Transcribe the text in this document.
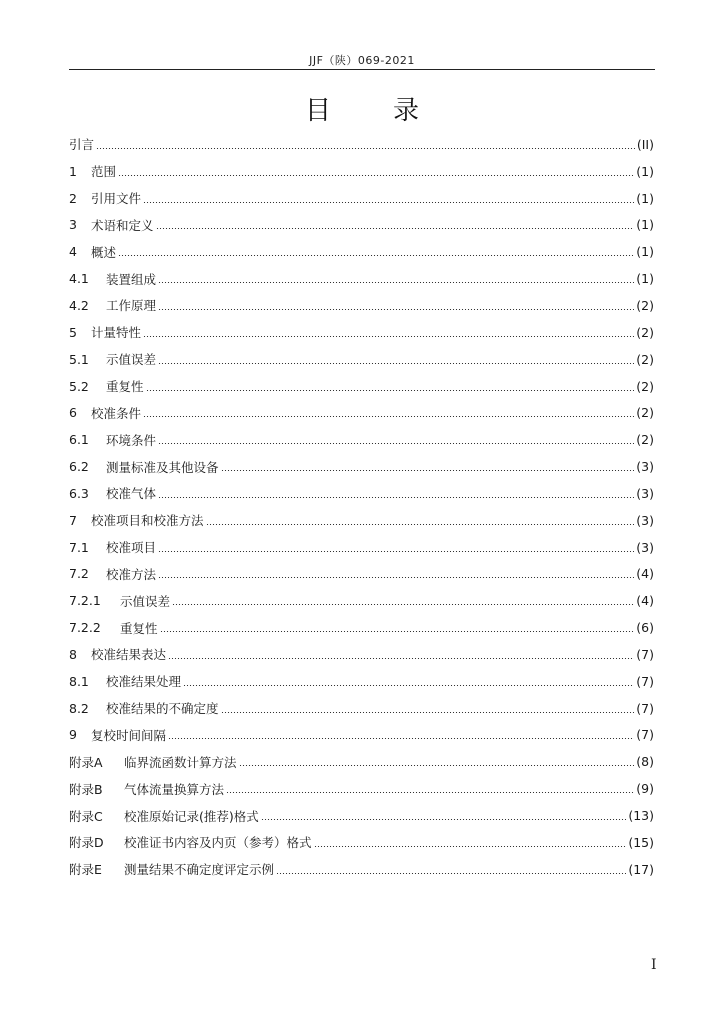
JJF（陕）069-2021
目 录
引言	(II)
1	范围	(1)
2	引用文件	(1)
3	术语和定义	(1)
4	概述	(1)
4.1	装置组成	(1)
4.2	工作原理	(2)
5	计量特性	(2)
5.1	示值误差	(2)
5.2	重复性	(2)
6	校准条件	(2)
6.1	环境条件	(2)
6.2	测量标准及其他设备	(3)
6.3	校准气体	(3)
7	校准项目和校准方法	(3)
7.1	校准项目	(3)
7.2	校准方法	(4)
7.2.1	示值误差	(4)
7.2.2	重复性	(6)
8	校准结果表达	(7)
8.1	校准结果处理	(7)
8.2	校准结果的不确定度	(7)
9	复校时间间隔	(7)
附录A	临界流函数计算方法	(8)
附录B	气体流量换算方法	(9)
附录C	校准原始记录(推荐)格式	(13)
附录D	校准证书内容及内页（参考）格式	(15)
附录E	测量结果不确定度评定示例	(17)
I
